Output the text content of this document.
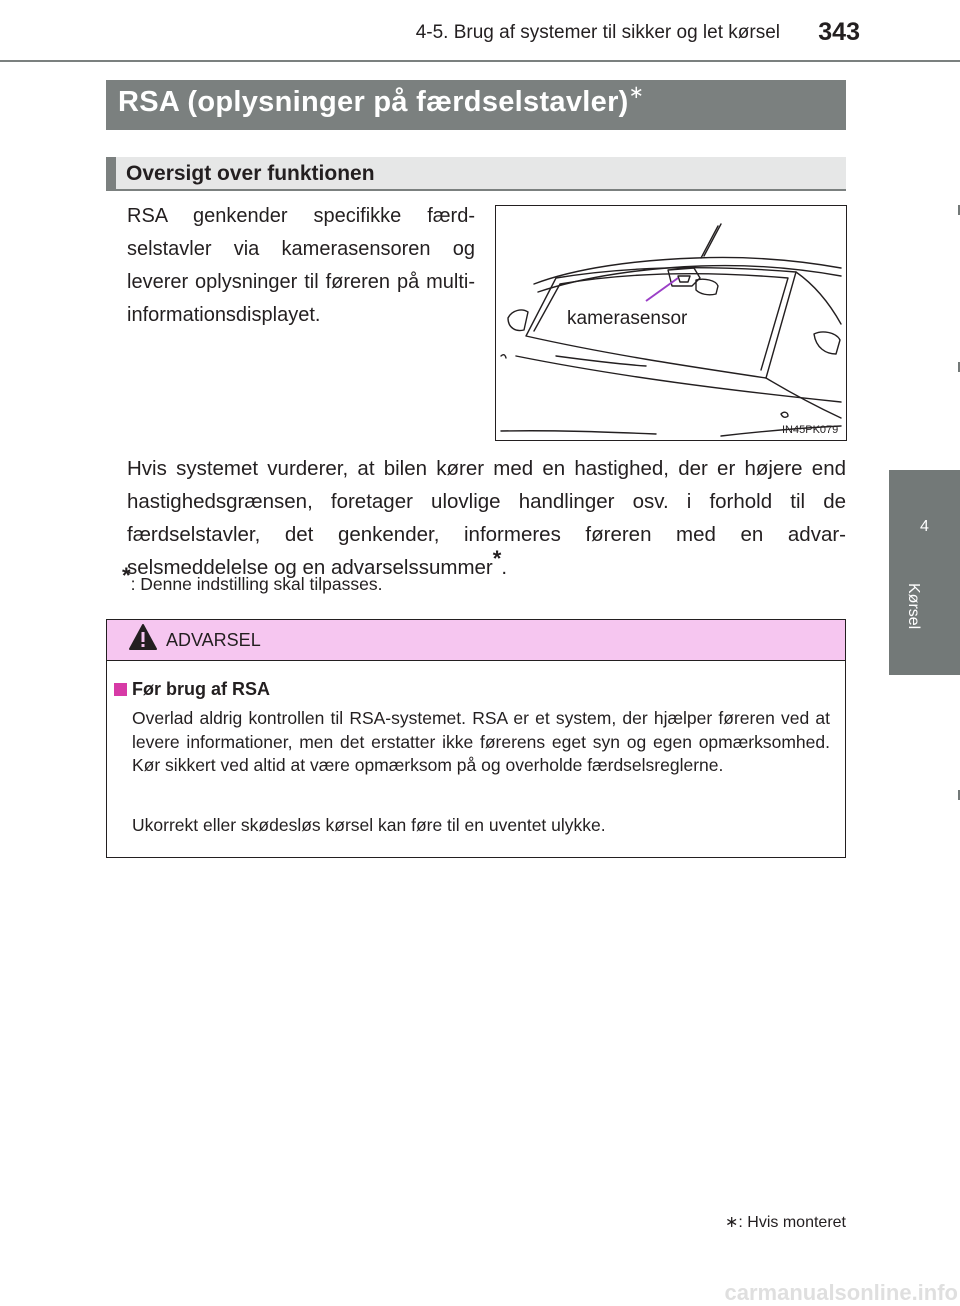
4-5. Brug af systemer til sikker og let kørsel	343
4
Kørsel
RSA (oplysninger på færdselstavler)∗
Oversigt over funktionen
RSA genkender specifikke færd-selstavler via kamerasensoren og leverer oplysninger til føreren på multi-informationsdisplayet.	kamerasensor
IN45PK079
Hvis systemet vurderer, at bilen kører med en hastighed, der er højere end hastighedsgrænsen, foretager ulovlige handlinger osv. i forhold til de færdselstavler, det genkender, informeres føreren med en advar-selsmeddelelse og en advarselssummer*.
*: Denne indstilling skal tilpasses.
ADVARSEL
Før brug af RSA
Overlad aldrig kontrollen til RSA-systemet. RSA er et system, der hjælper føreren ved at levere informationer, men det erstatter ikke førerens eget syn og egen opmærksomhed. Kør sikkert ved altid at være opmærksom på og overholde færdselsreglerne.
Ukorrekt eller skødesløs kørsel kan føre til en uventet ulykke.
∗: Hvis monteret
carmanualsonline.info
